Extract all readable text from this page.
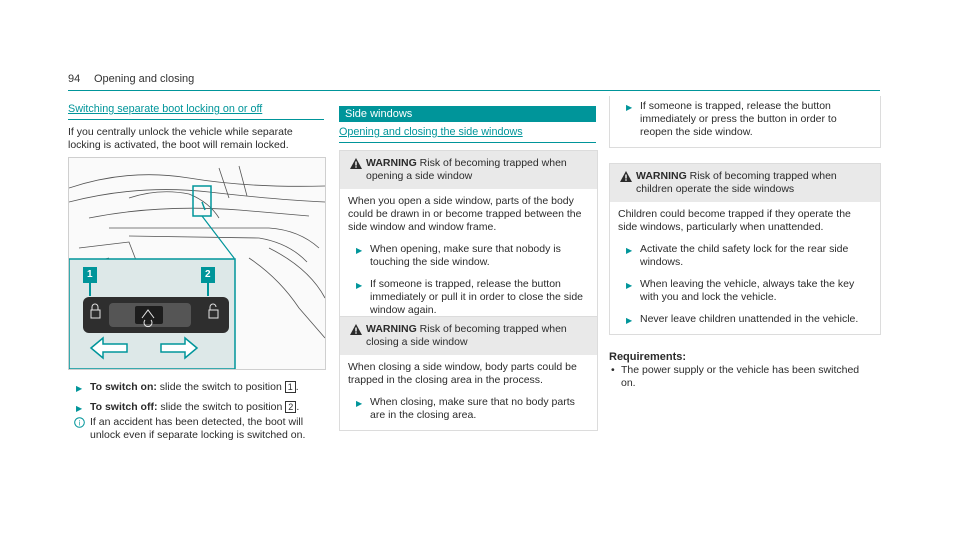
94 Opening and closing
Switching separate boot locking on or off

If you centrally unlock the vehicle while separate locking is activated, the boot will remain locked.

1	2
▶ To switch on: slide the switch to position 1 .
▶ To switch off: slide the switch to position 2 .
i If an accident has been detected, the boot will unlock even if separate locking is switched on.

Side windows
Opening and closing the side windows
WARNING Risk of becoming trapped when opening a side window

When you open a side window, parts of the body could be drawn in or become trapped between the side window and window frame.

▶ When opening, make sure that nobody is touching the side window.
▶ If someone is trapped, release the button immediately or pull it in order to close the side window again.
WARNING Risk of becoming trapped when closing a side window

When closing a side window, body parts could be trapped in the closing area in the process.

▶ When closing, make sure that no body parts are in the closing area.
▶ If someone is trapped, release the button immediately or press the button in order to reopen the side window.
WARNING Risk of becoming trapped when children operate the side windows

Children could become trapped if they operate the side windows, particularly when unattended.

▶ Activate the child safety lock for the rear side windows.
▶ When leaving the vehicle, always take the key with you and lock the vehicle.
▶ Never leave children unattended in the vehicle.
Requirements:
• The power supply or the vehicle has been switched on.
